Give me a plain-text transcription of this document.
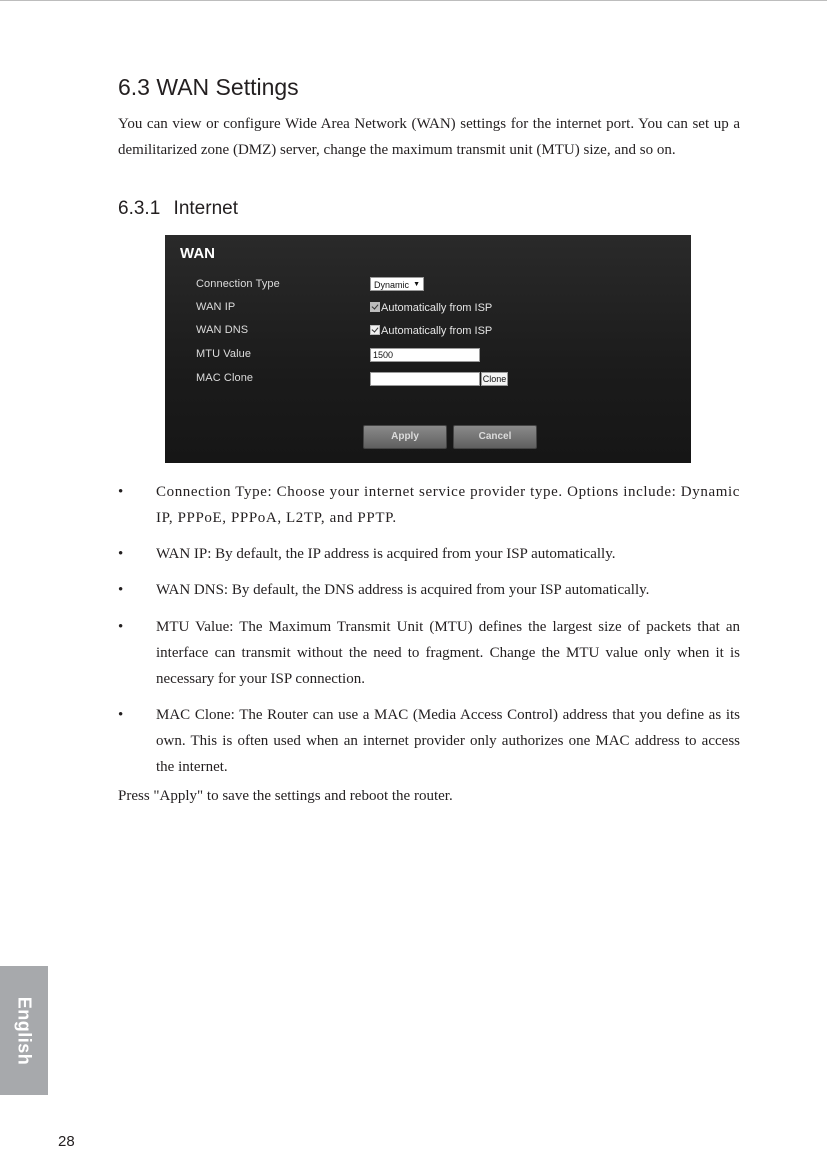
6.3 WAN Settings

You can view or configure Wide Area Network (WAN) settings for the internet port. You can set up a demilitarized zone (DMZ) server, change the maximum transmit unit (MTU) size, and so on.

6.3.1 Internet
WAN
Connection Type
WAN IP
WAN DNS
MTU Value
MAC Clone
Dynamic ▼
Automatically from ISP
Automatically from ISP
1500
Clone
Apply	Cancel
• Connection Type: Choose your internet service provider type. Options include: Dynamic IP, PPPoE, PPPoA, L2TP, and PPTP.
• WAN IP: By default, the IP address is acquired from your ISP automatically.
• WAN DNS: By default, the DNS address is acquired from your ISP automatically.
• MTU Value: The Maximum Transmit Unit (MTU) defines the largest size of packets that an interface can transmit without the need to fragment. Change the MTU value only when it is necessary for your ISP connection.
• MAC Clone: The Router can use a MAC (Media Access Control) address that you define as its own. This is often used when an internet provider only authorizes one MAC address to access the internet.

Press "Apply" to save the settings and reboot the router.

English
28
